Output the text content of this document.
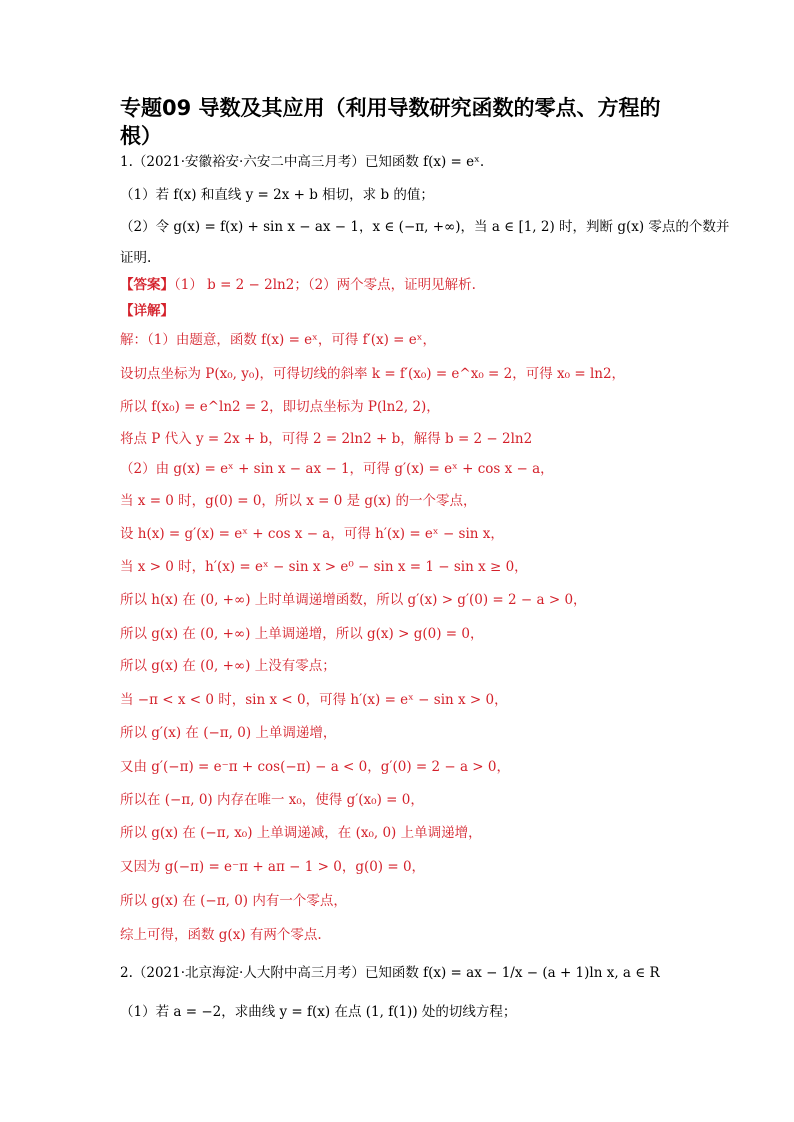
专题09 导数及其应用（利用导数研究函数的零点、方程的根）
1.（2021·安徽裕安·六安二中高三月考）已知函数 f(x) = eˣ.
（1）若 f(x) 和直线 y = 2x + b 相切，求 b 的值；
（2）令 g(x) = f(x) + sin x − ax − 1，x ∈ (−π, +∞)，当 a ∈ [1, 2) 时，判断 g(x) 零点的个数并
证明.
【答案】（1） b = 2 − 2ln2；（2）两个零点，证明见解析.
【详解】
解：（1）由题意，函数 f(x) = eˣ，可得 f′(x) = eˣ，
设切点坐标为 P(x₀, y₀)，可得切线的斜率 k = f′(x₀) = e^x₀ = 2，可得 x₀ = ln2，
所以 f(x₀) = e^ln2 = 2，即切点坐标为 P(ln2, 2)，
将点 P 代入 y = 2x + b，可得 2 = 2ln2 + b，解得 b = 2 − 2ln2
（2）由 g(x) = eˣ + sin x − ax − 1，可得 g′(x) = eˣ + cos x − a，
当 x = 0 时，g(0) = 0，所以 x = 0 是 g(x) 的一个零点，
设 h(x) = g′(x) = eˣ + cos x − a，可得 h′(x) = eˣ − sin x，
当 x > 0 时，h′(x) = eˣ − sin x > e⁰ − sin x = 1 − sin x ≥ 0，
所以 h(x) 在 (0, +∞) 上时单调递增函数，所以 g′(x) > g′(0) = 2 − a > 0，
所以 g(x) 在 (0, +∞) 上单调递增，所以 g(x) > g(0) = 0，
所以 g(x) 在 (0, +∞) 上没有零点；
当 −π < x < 0 时，sin x < 0，可得 h′(x) = eˣ − sin x > 0，
所以 g′(x) 在 (−π, 0) 上单调递增，
又由 g′(−π) = e⁻π + cos(−π) − a < 0，g′(0) = 2 − a > 0，
所以在 (−π, 0) 内存在唯一 x₀，使得 g′(x₀) = 0，
所以 g(x) 在 (−π, x₀) 上单调递减，在 (x₀, 0) 上单调递增，
又因为 g(−π) = e⁻π + aπ − 1 > 0，g(0) = 0，
所以 g(x) 在 (−π, 0) 内有一个零点，
综上可得，函数 g(x) 有两个零点.
2.（2021·北京海淀·人大附中高三月考）已知函数 f(x) = ax − 1/x − (a + 1)ln x, a ∈ R
（1）若 a = −2，求曲线 y = f(x) 在点 (1, f(1)) 处的切线方程；
